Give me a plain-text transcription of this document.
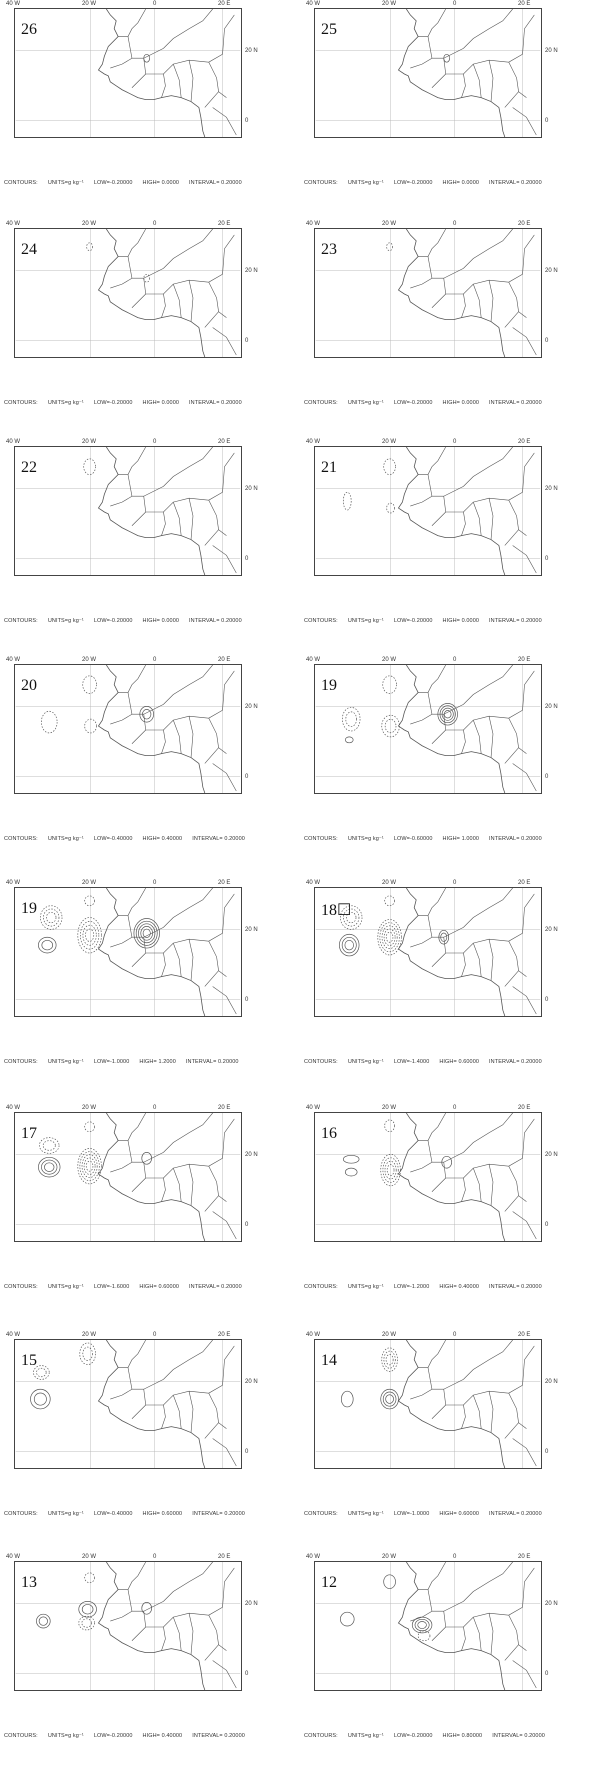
40 W	20 W	0	20 E
20 N
0
26
CONTOURS: UNITS=g kg⁻¹ LOW=-0.20000 HIGH= 0.0000 INTERVAL= 0.20000
40 W	20 W	0	20 E
20 N
0
25
CONTOURS: UNITS=g kg⁻¹ LOW=-0.20000 HIGH= 0.0000 INTERVAL= 0.20000
40 W	20 W	0	20 E
20 N
0
24
CONTOURS: UNITS=g kg⁻¹ LOW=-0.20000 HIGH= 0.0000 INTERVAL= 0.20000
40 W	20 W	0	20 E
20 N
0
23
CONTOURS: UNITS=g kg⁻¹ LOW=-0.20000 HIGH= 0.0000 INTERVAL= 0.20000
40 W	20 W	0	20 E
20 N
0
22
CONTOURS: UNITS=g kg⁻¹ LOW=-0.20000 HIGH= 0.0000 INTERVAL= 0.20000
40 W	20 W	0	20 E
20 N
0
21
CONTOURS: UNITS=g kg⁻¹ LOW=-0.20000 HIGH= 0.0000 INTERVAL= 0.20000
40 W	20 W	0	20 E
20 N
0
20
CONTOURS: UNITS=g kg⁻¹ LOW=-0.40000 HIGH= 0.40000 INTERVAL= 0.20000
40 W	20 W	0	20 E
20 N
0
19
CONTOURS: UNITS=g kg⁻¹ LOW=-0.60000 HIGH= 1.0000 INTERVAL= 0.20000
40 W	20 W	0	20 E
20 N
0
19
CONTOURS: UNITS=g kg⁻¹ LOW=-1.0000 HIGH= 1.2000 INTERVAL= 0.20000
40 W	20 W	0	20 E
20 N
0
18☐
CONTOURS: UNITS=g kg⁻¹ LOW=-1.4000 HIGH= 0.60000 INTERVAL= 0.20000
40 W	20 W	0	20 E
20 N
0
17
CONTOURS: UNITS=g kg⁻¹ LOW=-1.6000 HIGH= 0.60000 INTERVAL= 0.20000
40 W	20 W	0	20 E
20 N
0
16
CONTOURS: UNITS=g kg⁻¹ LOW=-1.2000 HIGH= 0.40000 INTERVAL= 0.20000
40 W	20 W	0	20 E
20 N
0
15
CONTOURS: UNITS=g kg⁻¹ LOW=-0.40000 HIGH= 0.60000 INTERVAL= 0.20000
40 W	20 W	0	20 E
20 N
0
14
CONTOURS: UNITS=g kg⁻¹ LOW=-1.0000 HIGH= 0.60000 INTERVAL= 0.20000
40 W	20 W	0	20 E
20 N
0
13
CONTOURS: UNITS=g kg⁻¹ LOW=-0.20000 HIGH= 0.40000 INTERVAL= 0.20000
40 W	20 W	0	20 E
20 N
0
12
CONTOURS: UNITS=g kg⁻¹ LOW=-0.20000 HIGH= 0.80000 INTERVAL= 0.20000
